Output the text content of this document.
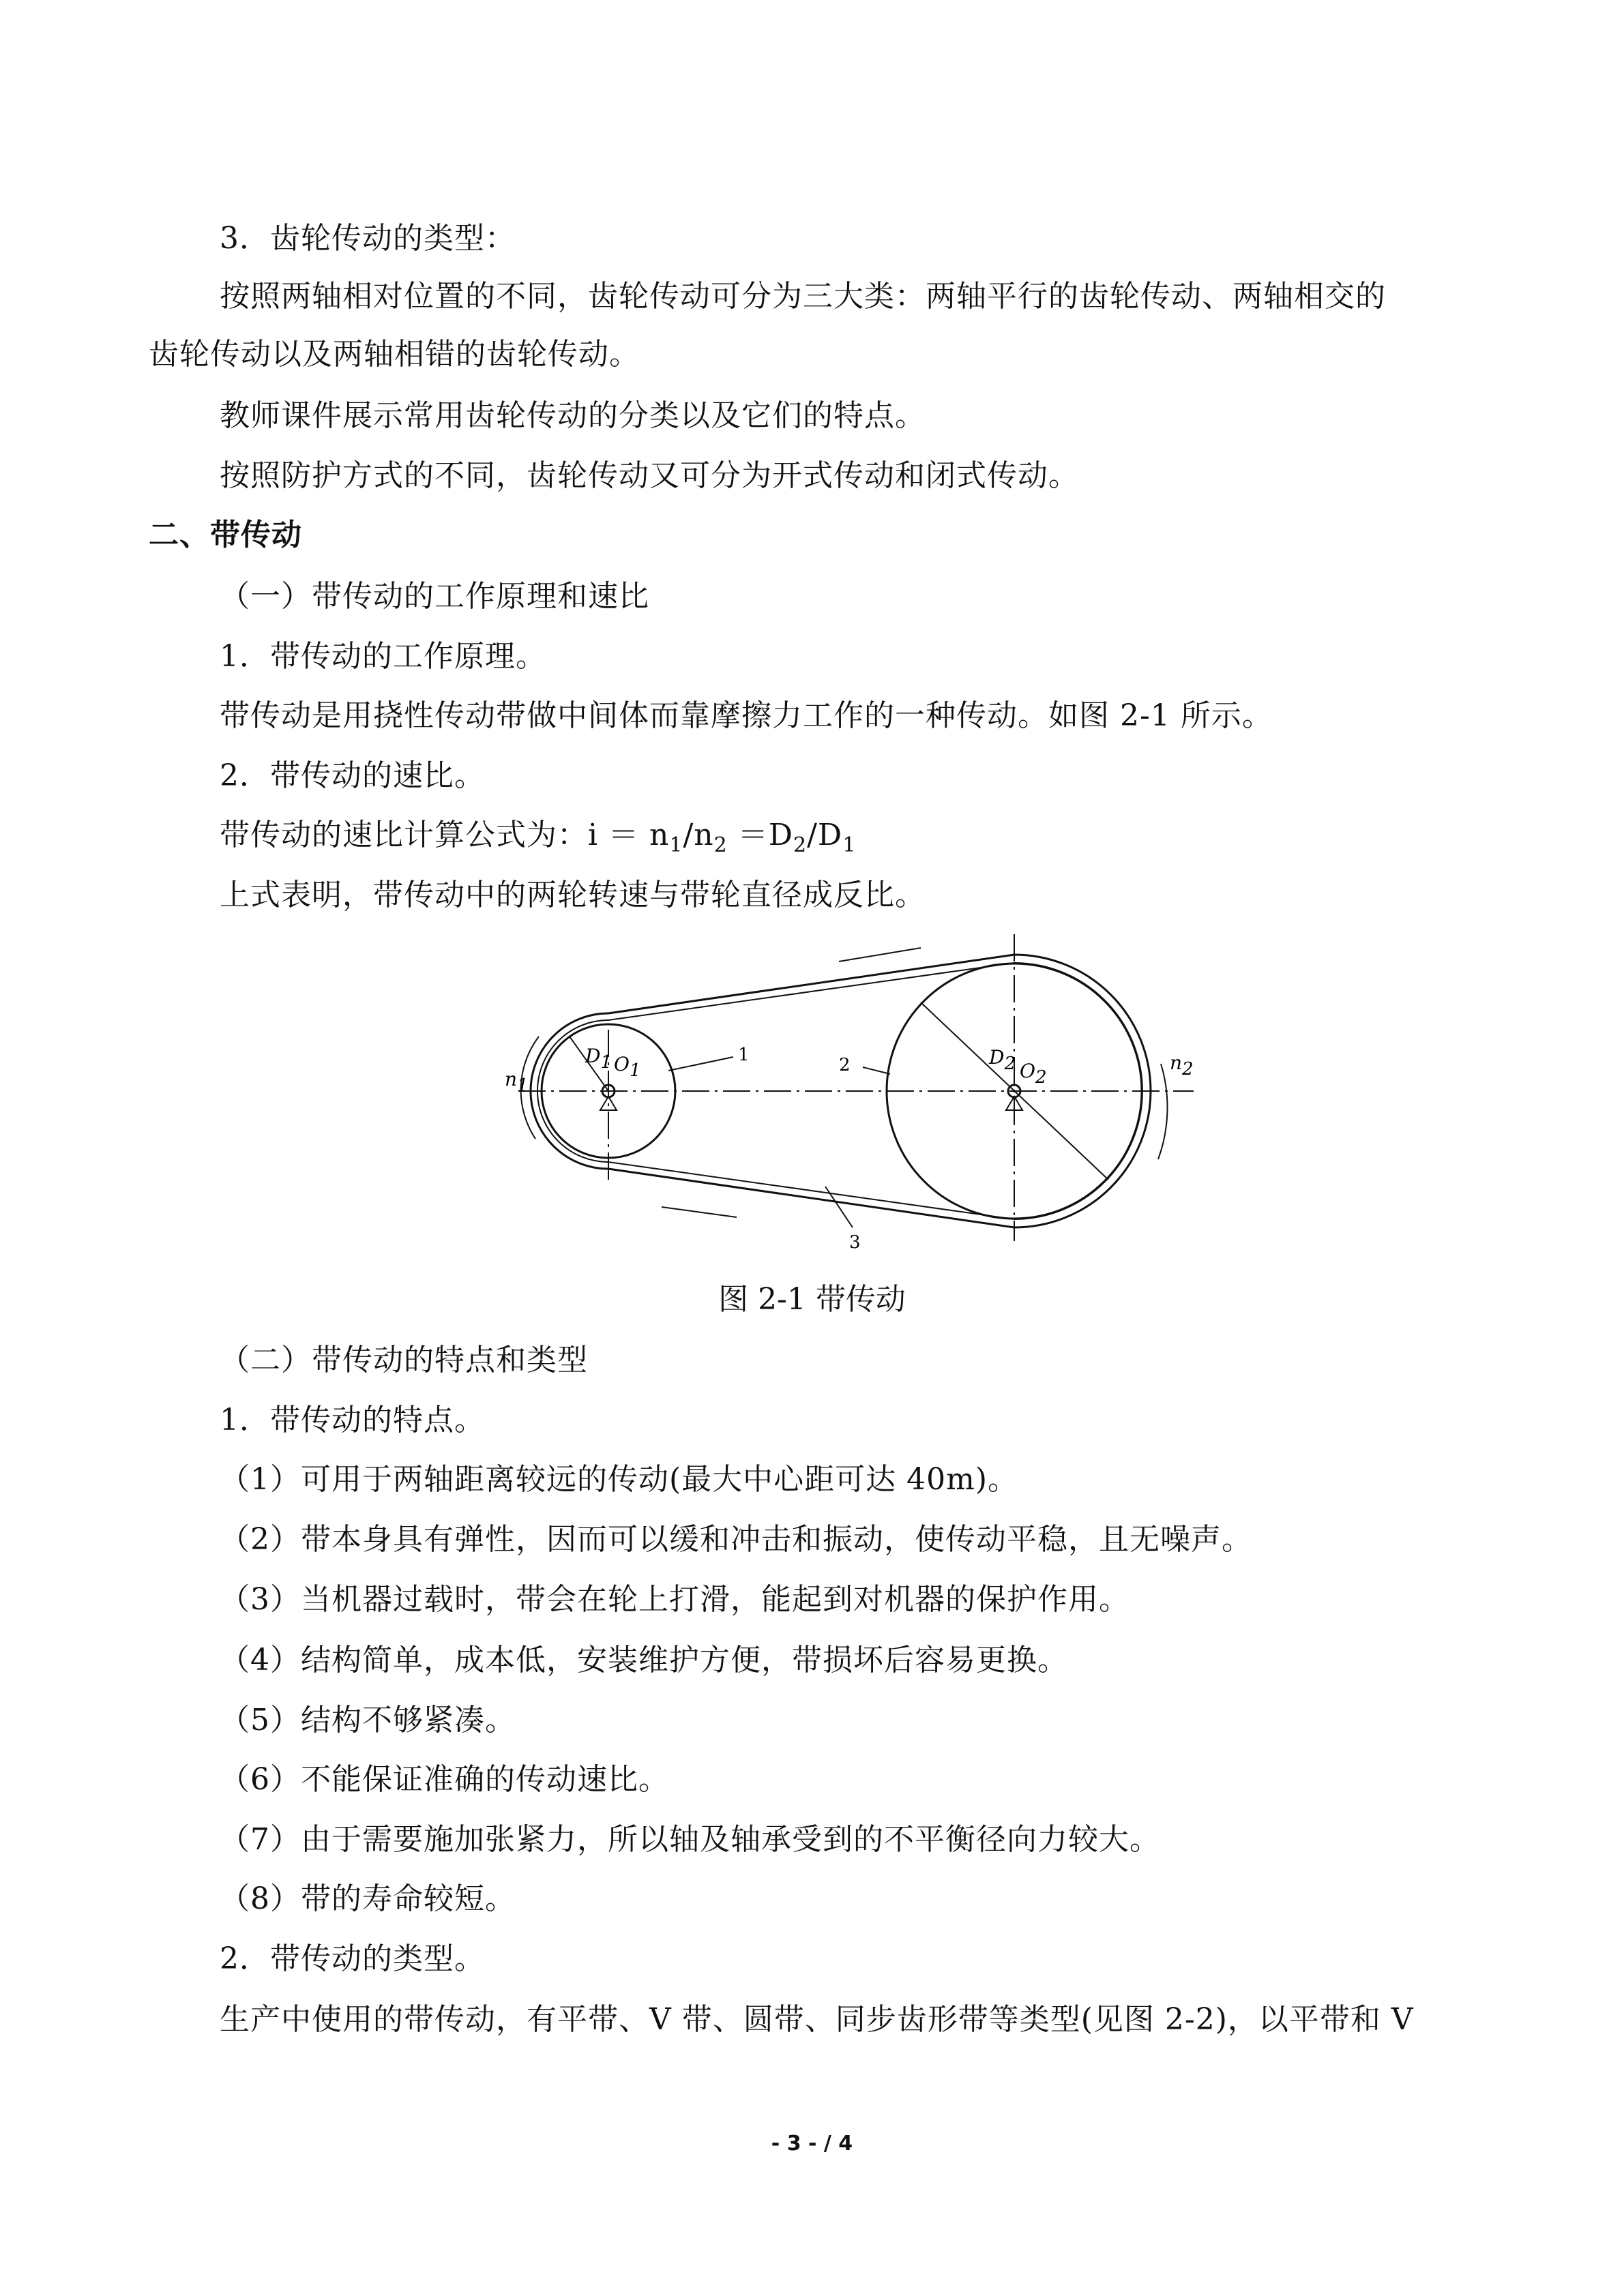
3．齿轮传动的类型：
按照两轴相对位置的不同，齿轮传动可分为三大类：两轴平行的齿轮传动、两轴相交的
齿轮传动以及两轴相错的齿轮传动。
教师课件展示常用齿轮传动的分类以及它们的特点。
按照防护方式的不同，齿轮传动又可分为开式传动和闭式传动。
二、带传动
（一）带传动的工作原理和速比
1．带传动的工作原理。
带传动是用挠性传动带做中间体而靠摩擦力工作的一种传动。如图 2-1 所示。
2．带传动的速比。
带传动的速比计算公式为：$i = n_1/n_2 =D_2/D_1$
上式表明，带传动中的两轮转速与带轮直径成反比。
n1
n2
D1 O1
D2 O2
1	2
3
图 2-1 带传动
（二）带传动的特点和类型
1．带传动的特点。
（1）可用于两轴距离较远的传动(最大中心距可达 40m)。
（2）带本身具有弹性，因而可以缓和冲击和振动，使传动平稳，且无噪声。
（3）当机器过载时，带会在轮上打滑，能起到对机器的保护作用。
（4）结构简单，成本低，安装维护方便，带损坏后容易更换。
（5）结构不够紧凑。
（6）不能保证准确的传动速比。
（7）由于需要施加张紧力，所以轴及轴承受到的不平衡径向力较大。
（8）带的寿命较短。
2．带传动的类型。
生产中使用的带传动，有平带、V 带、圆带、同步齿形带等类型(见图 2-2)，以平带和 V
- 3 - / 4
